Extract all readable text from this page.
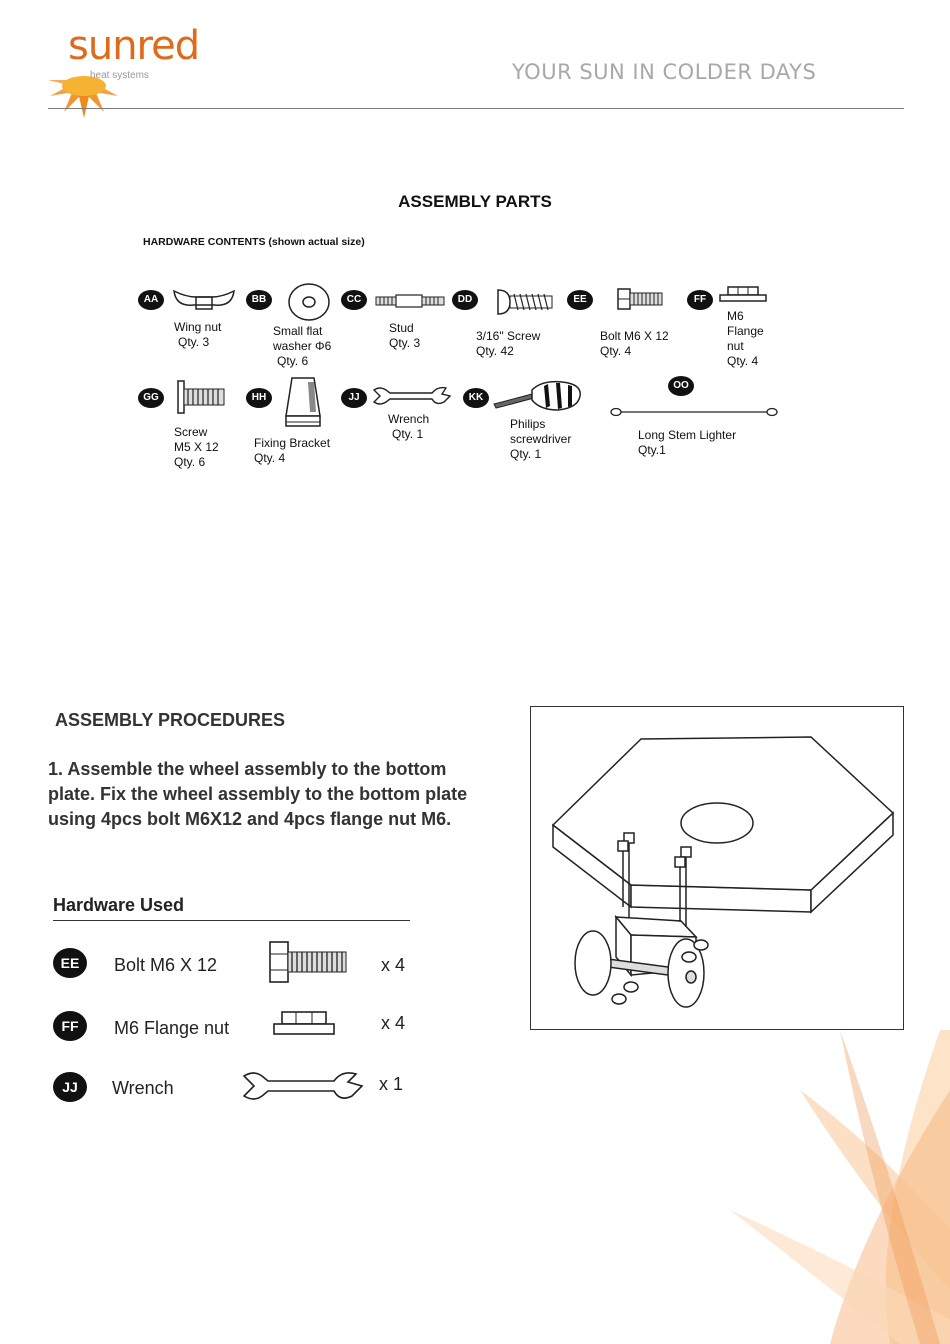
sunred
heat systems	YOUR SUN IN COLDER DAYS
ASSEMBLY PARTS
HARDWARE CONTENTS (shown actual size)
AA
Wing nut
Qty. 3
BB
Small flat
washer Φ6
Qty. 6
CC
Stud
Qty. 3
DD
3/16" Screw
Qty. 42
EE
Bolt M6 X 12
Qty. 4
FF
M6
Flange
nut
Qty. 4
GG
Screw
M5 X 12
Qty. 6
HH
Fixing Bracket
Qty. 4
JJ
Wrench
Qty. 1
KK
Philips
screwdriver
Qty. 1
OO
Long Stem Lighter
Qty.1
ASSEMBLY PROCEDURES
1. Assemble the wheel assembly to the bottom plate. Fix the wheel assembly to the bottom plate using 4pcs bolt M6X12 and 4pcs flange nut M6.
Hardware Used
EE	Bolt M6 X 12	x 4
FF	M6 Flange nut	x 4
JJ	Wrench	x 1
